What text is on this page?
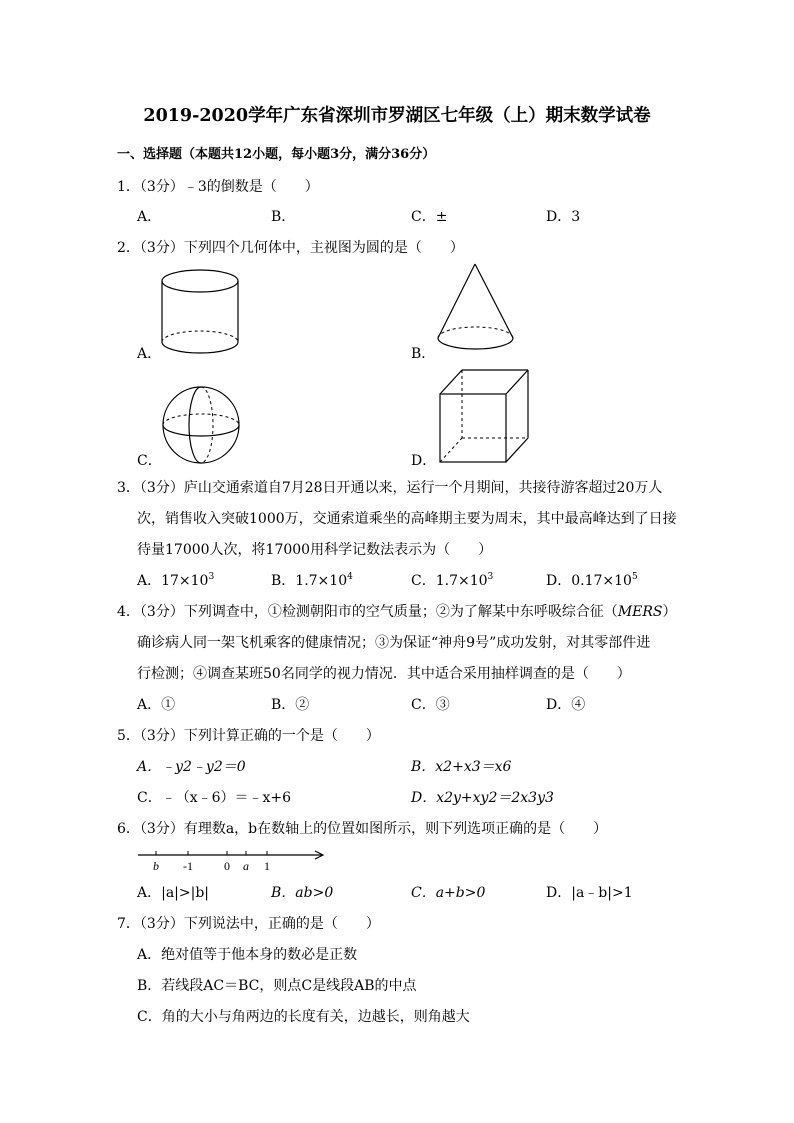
2019-2020学年广东省深圳市罗湖区七年级（上）期末数学试卷
一、选择题（本题共12小题，每小题3分，满分36分）
1．（3分）﹣3的倒数是（　　）
A．	B．	C．±	D．3
2．（3分）下列四个几何体中，主视图为圆的是（　　）
A．	B．
C．	D．
3．（3分）庐山交通索道自7月28日开通以来，运行一个月期间，共接待游客超过20万人
次，销售收入突破1000万，交通索道乘坐的高峰期主要为周末，其中最高峰达到了日接
待量17000人次，将17000用科学记数法表示为（　　）
A．$17\times 10^3$	B．$1.7\times 10^4$	C．$1.7\times 10^3$	D．$0.17\times 10^5$
4．（3分）下列调查中，①检测朝阳市的空气质量；②为了解某中东呼吸综合征（MERS）
确诊病人同一架飞机乘客的健康情况；③为保证“神舟9号”成功发射，对其零部件进
行检测；④调查某班50名同学的视力情况．其中适合采用抽样调查的是（　　）
A．①	B．②	C．③	D．④
5．（3分）下列计算正确的一个是（　　）
A．﹣y2﹣y2＝0	B．x2+x3＝x6
C．﹣（x﹣6）＝﹣x+6	D．x2y+xy2＝2x3y3
6．（3分）有理数a，b在数轴上的位置如图所示，则下列选项正确的是（　　）
b -1	0 a 1
A．|a|>|b|	B．ab>0	C．a+b>0	D．|a﹣b|>1
7．（3分）下列说法中，正确的是（　　）
A．绝对值等于他本身的数必是正数
B．若线段AC＝BC，则点C是线段AB的中点
C．角的大小与角两边的长度有关，边越长，则角越大
